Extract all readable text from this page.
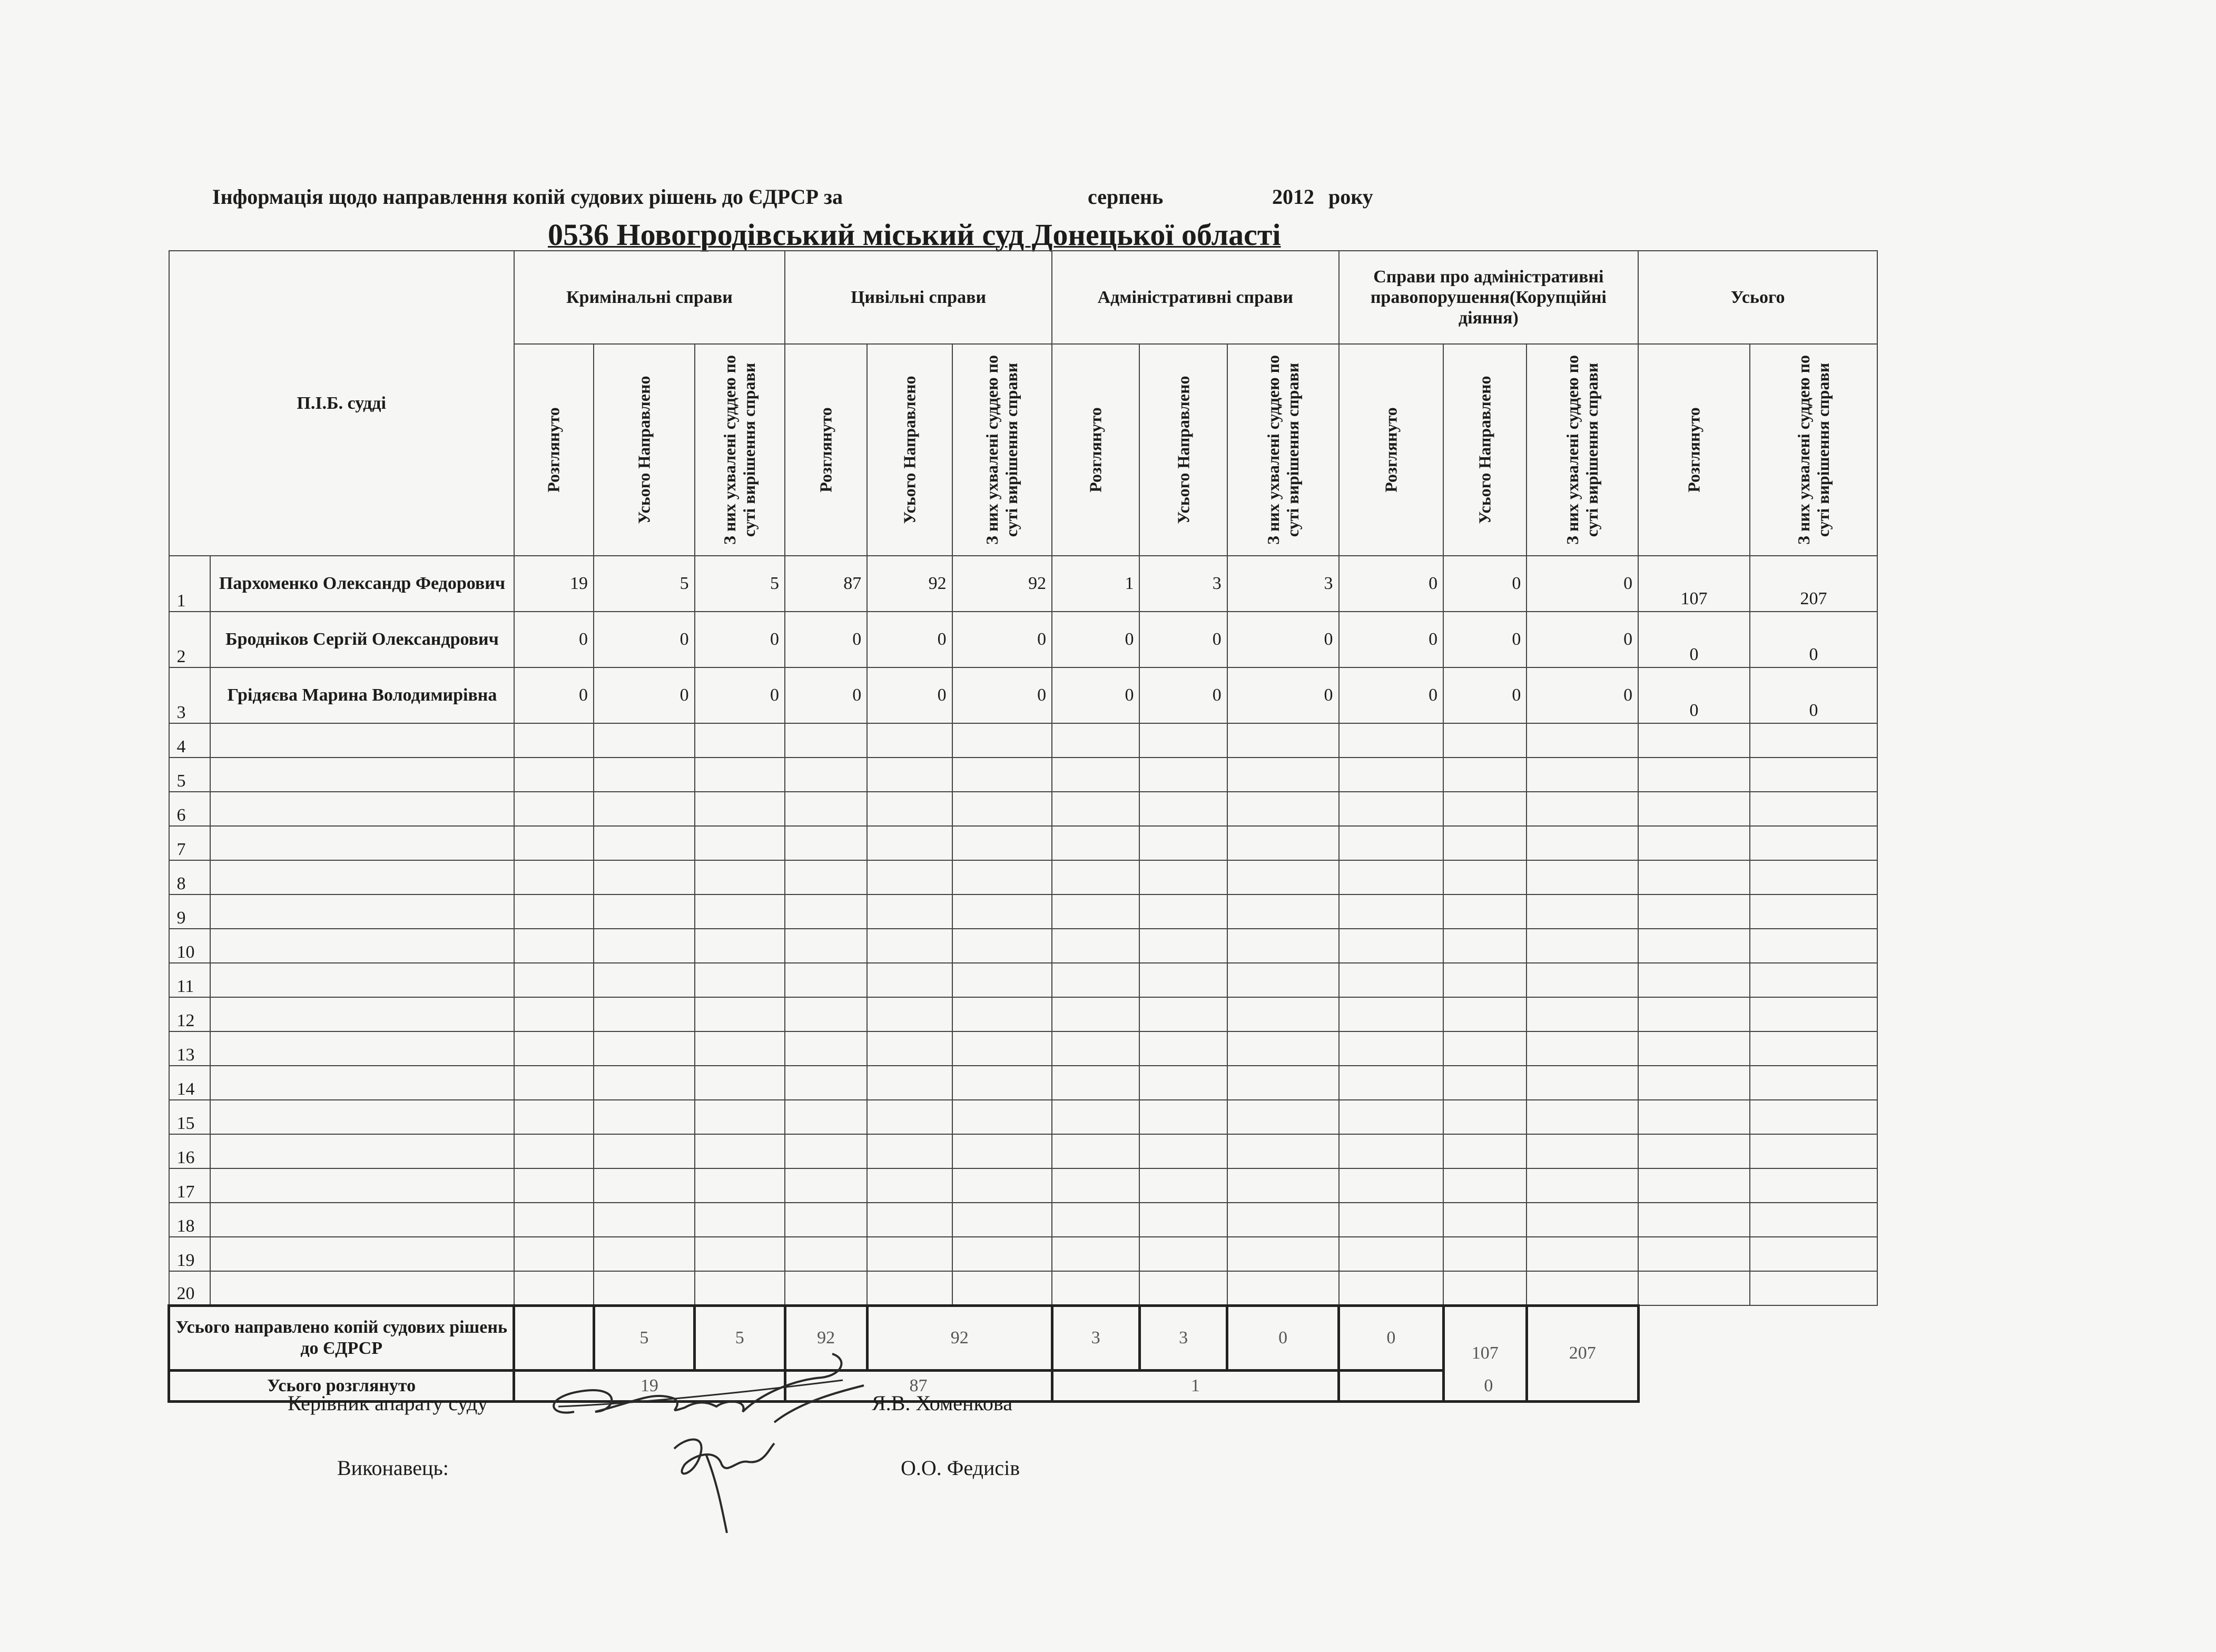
Інформація щодо направлення копій судових рішень до ЄДРСР за	серпень	2012 року
0536 Новогродівський міський суд Донецької області
П.І.Б. судді		Кримінальні справи			Цивільні справи			Адміністративні справи			Справи про адміністративні правопорушення(Корупційні діяння)			Усього	

		Розглянуто	Усього Направлено	З них ухвалені суддею по суті вирішення справи	Розглянуто	Усього Направлено	З них ухвалені суддею по суті вирішення справи	Розглянуто	Усього Направлено	З них ухвалені суддею по суті вирішення справи	Розглянуто	Усього Направлено	З них ухвалені суддею по суті вирішення справи	Розглянуто	З них ухвалені суддею по суті вирішення справи

1	Пархоменко Олександр Федорович	19	5	5	87	92	92	1	3	3	0	0	0	107	207
2	Бродніков Сергій Олександрович	0	0	0	0	0	0	0	0	0	0	0	0	0	0
3	Грідяєва Марина Володимирівна	0	0	0	0	0	0	0	0	0	0	0	0	0	0
4															
5															
6															
7															
8															
9															
10															
11															
12															
13															
14															
15															
16															
17															
18															
19															
20															
Усього направлено копій судових рішень до ЄДРСР			5	5	92	92		3	3	0	0	107	207		
Усього розглянуто		19			87			1			0				
Керівник апарату суду	Я.В. Хоменкова
Виконавець:	О.О. Федисів
